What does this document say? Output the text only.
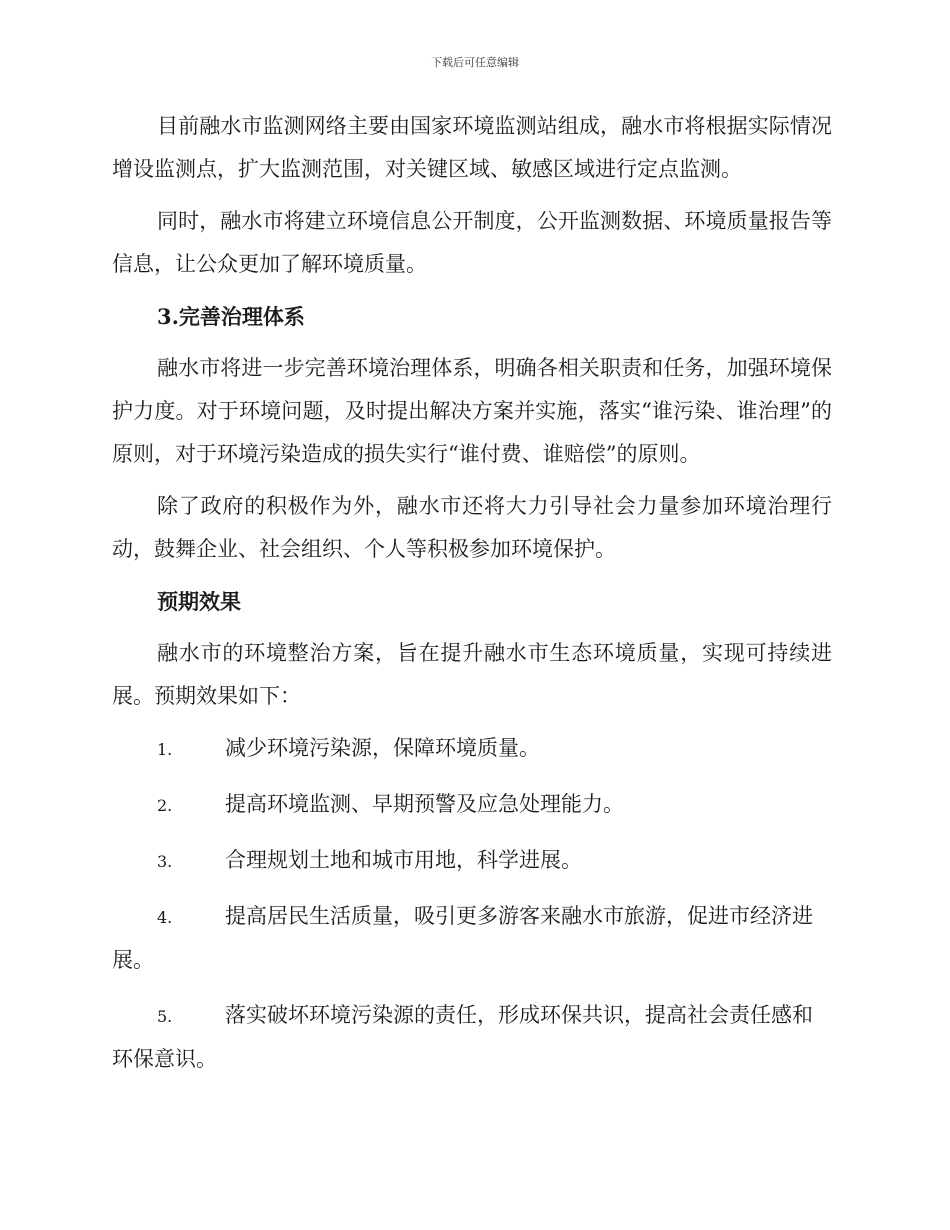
下载后可任意编辑

目前融水市监测网络主要由国家环境监测站组成，融水市将根据实际情况增设监测点，扩大监测范围，对关键区域、敏感区域进行定点监测。

同时，融水市将建立环境信息公开制度，公开监测数据、环境质量报告等信息，让公众更加了解环境质量。

3.完善治理体系

融水市将进一步完善环境治理体系，明确各相关职责和任务，加强环境保护力度。对于环境问题，及时提出解决方案并实施，落实“谁污染、谁治理”的原则，对于环境污染造成的损失实行“谁付费、谁赔偿”的原则。

除了政府的积极作为外，融水市还将大力引导社会力量参加环境治理行动，鼓舞企业、社会组织、个人等积极参加环境保护。

预期效果

融水市的环境整治方案，旨在提升融水市生态环境质量，实现可持续进展。预期效果如下：

1.	减少环境污染源，保障环境质量。

2.	提高环境监测、早期预警及应急处理能力。

3.	合理规划土地和城市用地，科学进展。

4.	提高居民生活质量，吸引更多游客来融水市旅游，促进市经济进展。

5.	落实破坏环境污染源的责任，形成环保共识，提高社会责任感和环保意识。
